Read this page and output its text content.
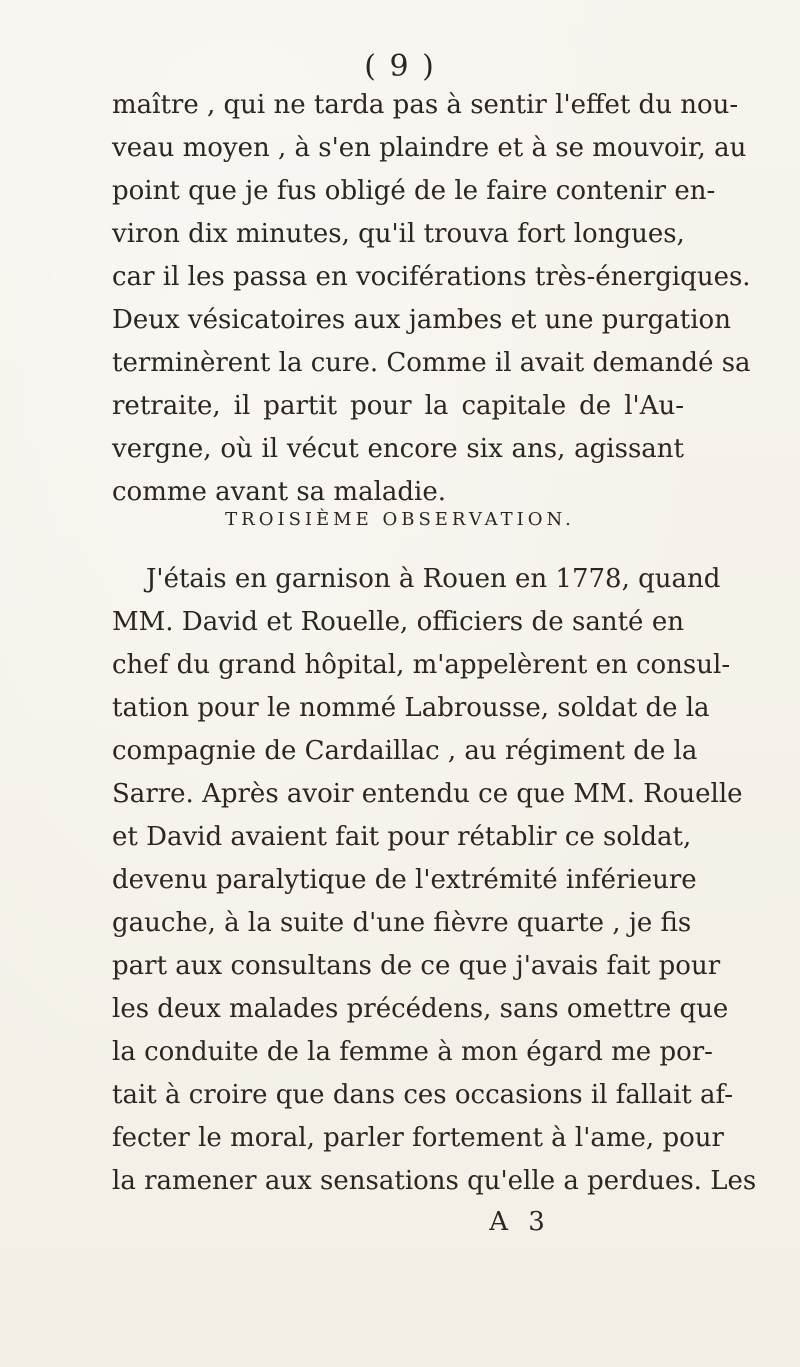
( 9 )
maître , qui ne tarda pas à sentir l'effet du nou-
veau moyen , à s'en plaindre et à se mouvoir, au
point que je fus obligé de le faire contenir en-
viron dix minutes, qu'il trouva fort longues,
car il les passa en vociférations très-énergiques.
Deux vésicatoires aux jambes et une purgation
terminèrent la cure. Comme il avait demandé sa
retraite, il partit pour la capitale de l'Au-
vergne, où il vécut encore six ans, agissant
comme avant sa maladie.
TROISIÈME OBSERVATION.
J'étais en garnison à Rouen en 1778, quand
MM. David et Rouelle, officiers de santé en
chef du grand hôpital, m'appelèrent en consul-
tation pour le nommé Labrousse, soldat de la
compagnie de Cardaillac , au régiment de la
Sarre. Après avoir entendu ce que MM. Rouelle
et David avaient fait pour rétablir ce soldat,
devenu paralytique de l'extrémité inférieure
gauche, à la suite d'une fièvre quarte , je fis
part aux consultans de ce que j'avais fait pour
les deux malades précédens, sans omettre que
la conduite de la femme à mon égard me por-
tait à croire que dans ces occasions il fallait af-
fecter le moral, parler fortement à l'ame, pour
la ramener aux sensations qu'elle a perdues. Les
A 3
